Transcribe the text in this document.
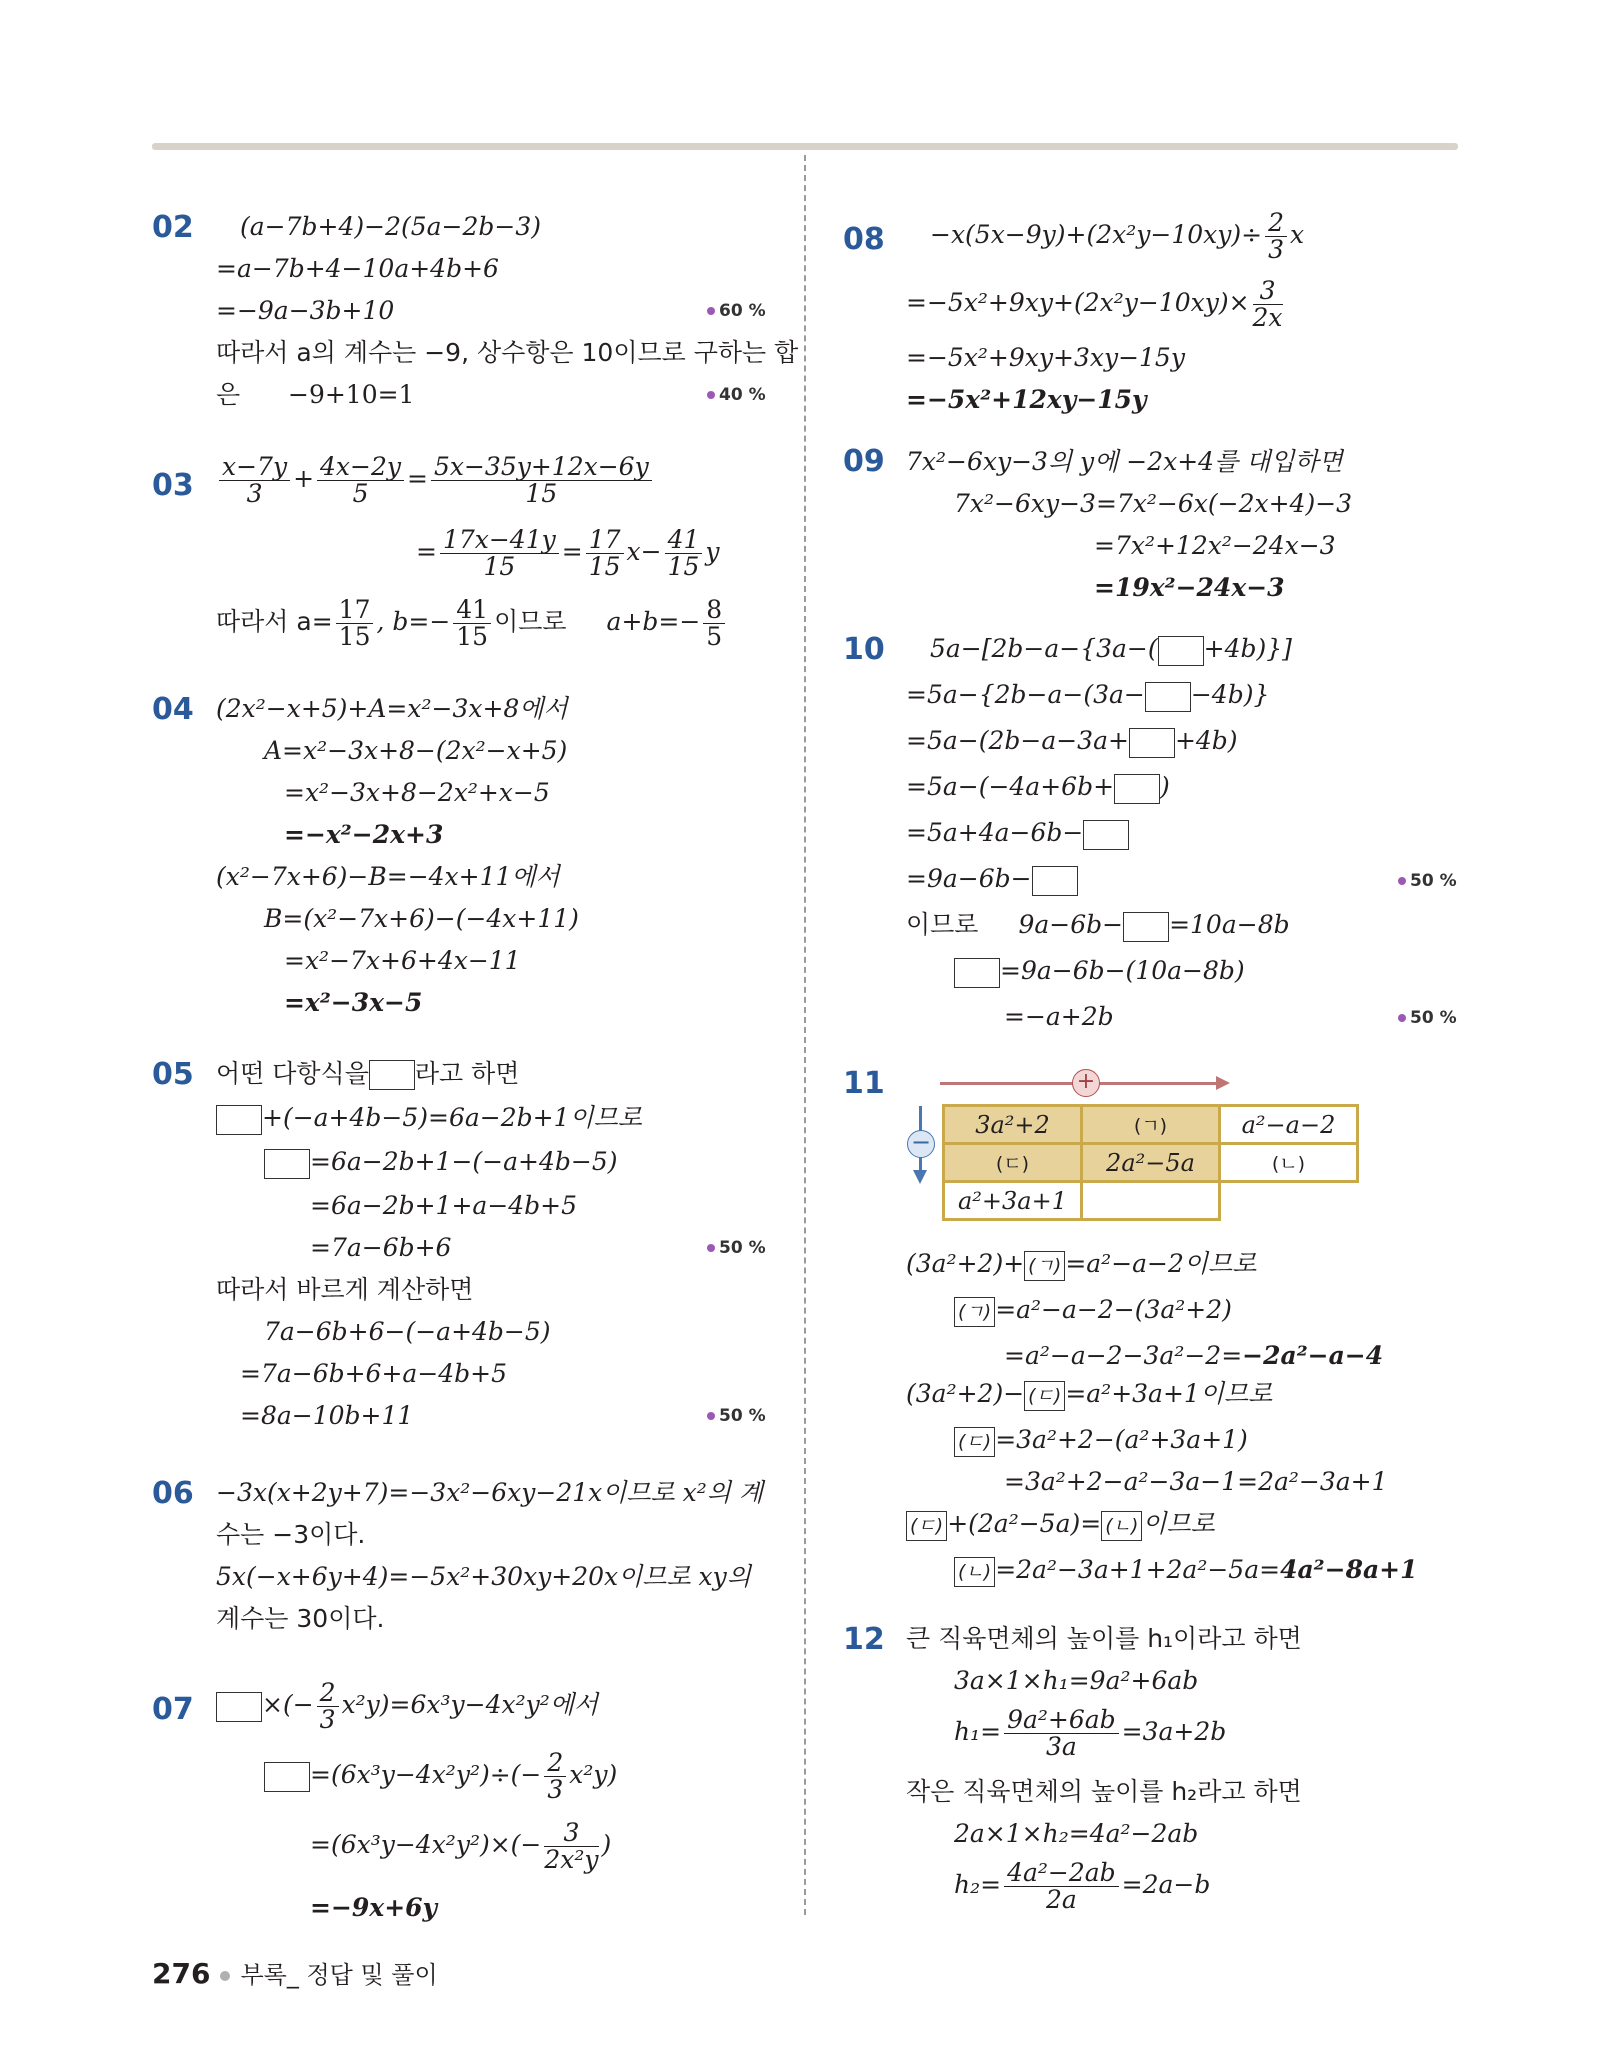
02 (a−7b+4)−2(5a−2b−3)
=a−7b+4−10a+4b+6
=−9a−3b+10	60 %
따라서 a의 계수는 −9, 상수항은 10이므로 구하는 합
은 −9+10=1	40 %
$03 \frac{x-7y}{3} + \frac{4x-2y}{5} = \frac{5x-35y+12x-6y}{15}$
= $\frac{17x-41y}{15} = \frac{17}{15} x- \frac{41}{15}$ y
따라서 $a= \frac{17}{15}$ , $b=- \frac{41}{15}$ 이므로 $a+b=- \frac{8}{5}$
04 (2x²−x+5)+A=x²−3x+8에서
A=x²−3x+8−(2x²−x+5)
=x²−3x+8−2x²+x−5
=−x²−2x+3
(x²−7x+6)−B=−4x+11에서
B=(x²−7x+6)−(−4x+11)
=x²−7x+6+4x−11
=x²−3x−5
05 어떤 다항식을 라고 하면
+(−a+4b−5)=6a−2b+1이므로
=6a−2b+1−(−a+4b−5)
=6a−2b+1+a−4b+5
=7a−6b+6	50 %
따라서 바르게 계산하면
7a−6b+6−(−a+4b−5)
=7a−6b+6+a−4b+5
=8a−10b+11	50 %
06 −3x(x+2y+7)=−3x²−6xy−21x이므로 x²의 계
수는 −3이다.
5x(−x+6y+4)=−5x²+30xy+20x이므로 xy의
계수는 30이다.
07	×(− $\frac{2}{3} x^2y)=6x^3y-4x^2y^2$에서
$=(6x^3y-4x^2y^2)\div(- \frac{2}{3} x^2y)$
$=(6x^3y-4x^2y^2)\times(- \frac{3}{\text{2x²y}}$ )
=−9x+6y
$08 -x(5x-9y)+(2x^2y-10xy)\div \frac{2}{3}$ x
$=-5x^2+9xy+(2x^2y-10xy)\times \frac{3}{2x}$
=−5x²+9xy+3xy−15y
=−5x²+12xy−15y
09 7x²−6xy−3의 y에 −2x+4를 대입하면
7x²−6xy−3=7x²−6x(−2x+4)−3
=7x²+12x²−24x−3
=19x²−24x−3
10 5a−[2b−a−{3a−( +4b)}]
=5a−{2b−a−(3a− −4b)}
=5a−(2b−a−3a+ +4b)
=5a−(−4a+6b+ )
=5a+4a−6b−
=9a−6b−	50 %
이므로 9a−6b− =10a−8b
=9a−6b−(10a−8b)
=−a+2b	50 %
11	+
−
3a²+2	(ㄱ)	a²−a−2
(ㄷ)	2a²−5a	(ㄴ)
a²+3a+1		
(3a²+2)+ (ㄱ) =a²−a−2이므로
(ㄱ) =a²−a−2−(3a²+2)
=a²−a−2−3a²−2=−2a²−a−4
(3a²+2)− (ㄷ) =a²+3a+1이므로
(ㄷ) =3a²+2−(a²+3a+1)
=3a²+2−a²−3a−1=2a²−3a+1
(ㄷ) +(2a²−5a)= (ㄴ) 이므로
(ㄴ) =2a²−3a+1+2a²−5a=4a²−8a+1
12 큰 직육면체의 높이를 h₁이라고 하면
3a×1×h₁=9a²+6ab
$h_1= \frac{\text{9a²+6ab}}{3a} =3a+2b$
작은 직육면체의 높이를 h₂라고 하면
2a×1×h₂=4a²−2ab
$h_2= \frac{\text{4a²−2ab}}{2a} =2a-b$
276 부록_ 정답 및 풀이
